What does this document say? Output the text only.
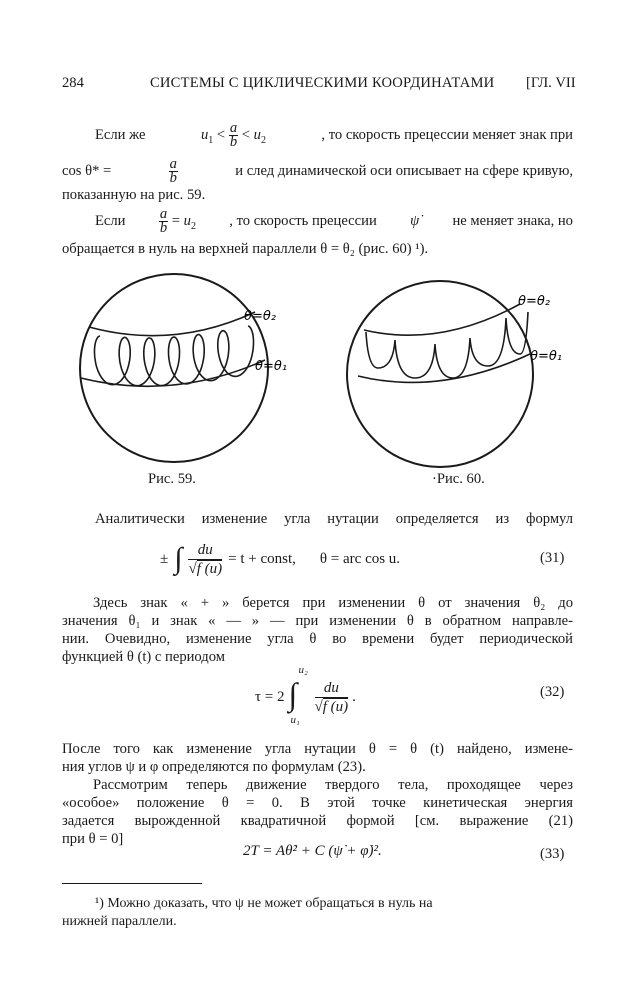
284	СИСТЕМЫ С ЦИКЛИЧЕСКИМИ КООРДИНАТАМИ [ГЛ. VII
Если же	$u_1 < \frac{a}{b} < u_2$	, то скорость прецессии меняет знак при
cos θ* =	$\frac{a}{b}$	и след динамической оси описывает на сфере кривую,
показанную на рис. 59.
Если $\frac{a}{b} = u_2$ , то скорость прецессии ψ̇ не меняет знака, но
обращается в нуль на верхней параллели θ = θ₂ (рис. 60) ¹).
θ=θ₂
θ=θ₁
Рис. 59.
θ=θ₂
θ=θ₁
·Рис. 60.
Аналитически изменение угла нутации определяется из формул
± ∫ $\frac{du}{√f (u)} = t$ + const, θ = arc cos u.	(31)
Здесь знак « + » берется при изменении θ от значения θ₂ до
значения θ₁ и знак « — » — при изменении θ в обратном направле-
нии. Очевидно, изменение угла θ во времени будет периодической
функцией θ (t) с периодом
τ = 2
u₂
∫
u₁
$\frac{du}{√f (u)}$ .	(32)
После того как изменение угла нутации θ = θ (t) найдено, измене-
ния углов ψ и φ определяются по формулам (23).
Рассмотрим теперь движение твердого тела, проходящее через
«особое» положение θ = 0. В этой точке кинетическая энергия
задается вырожденной квадратичной формой [см. выражение (21)
при θ = 0]
2T = Aθ̇² + C (ψ̇ + φ̇)².	(33)
¹) Можно доказать, что ψ не может обращаться в нуль на
нижней параллели.
